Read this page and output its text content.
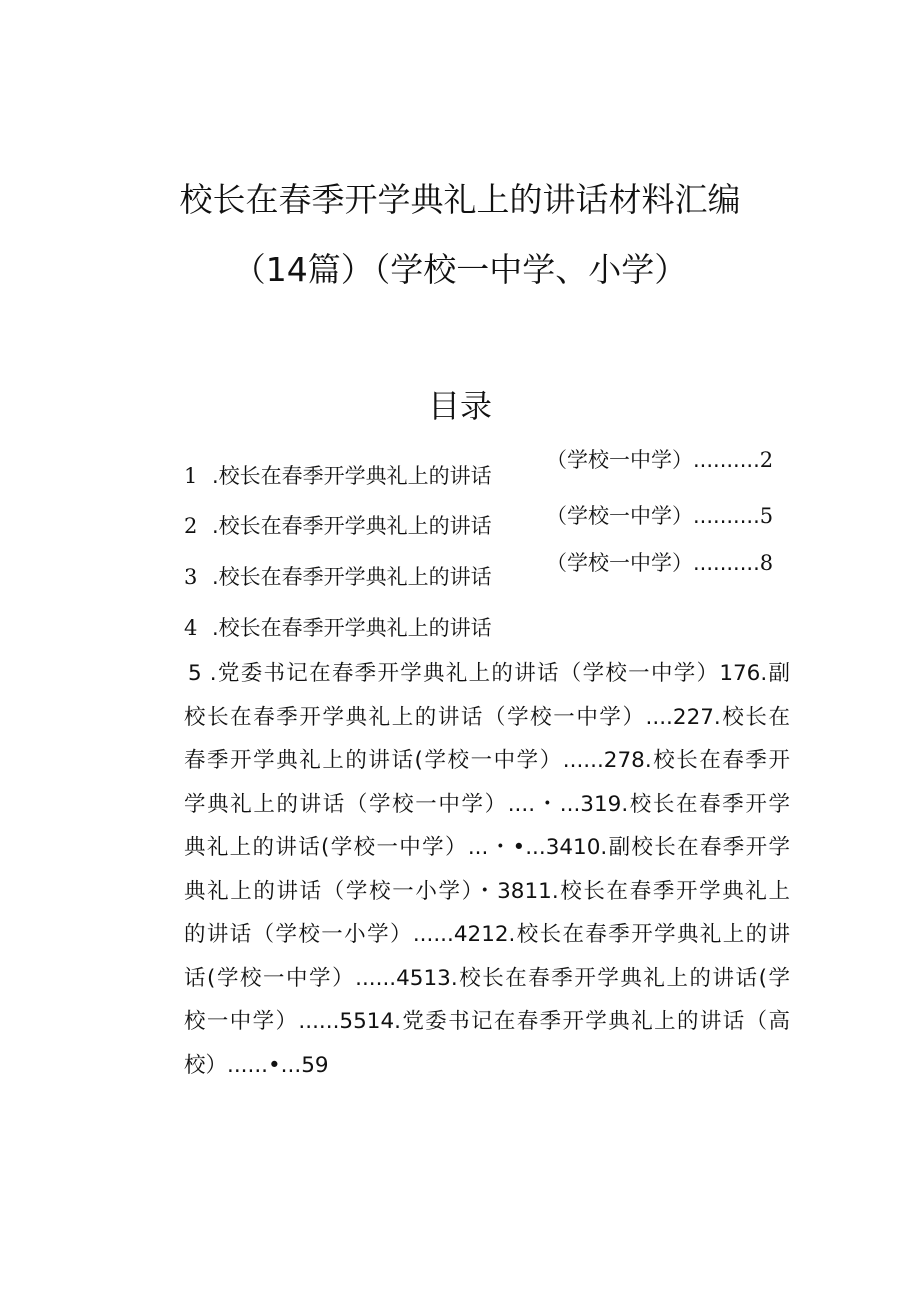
校长在春季开学典礼上的讲话材料汇编
（14篇）（学校一中学、小学）
目录
1 .校长在春季开学典礼上的讲话
（学校一中学）..........2
2 .校长在春季开学典礼上的讲话	（学校一中学）..........5
3 .校长在春季开学典礼上的讲话
（学校一中学）..........8
4 .校长在春季开学典礼上的讲话
5 .党委书记在春季开学典礼上的讲话（学校一中学）176.副
校长在春季开学典礼上的讲话（学校一中学）....227.校长在
春季开学典礼上的讲话(学校一中学）......278.校长在春季开
学典礼上的讲话（学校一中学）....・...319.校长在春季开学
典礼上的讲话(学校一中学）...・•...3410.副校长在春季开学
典礼上的讲话（学校一小学）・3811.校长在春季开学典礼上
的讲话（学校一小学）......4212.校长在春季开学典礼上的讲
话(学校一中学）......4513.校长在春季开学典礼上的讲话(学
校一中学）......5514.党委书记在春季开学典礼上的讲话（高
校）......•...59
